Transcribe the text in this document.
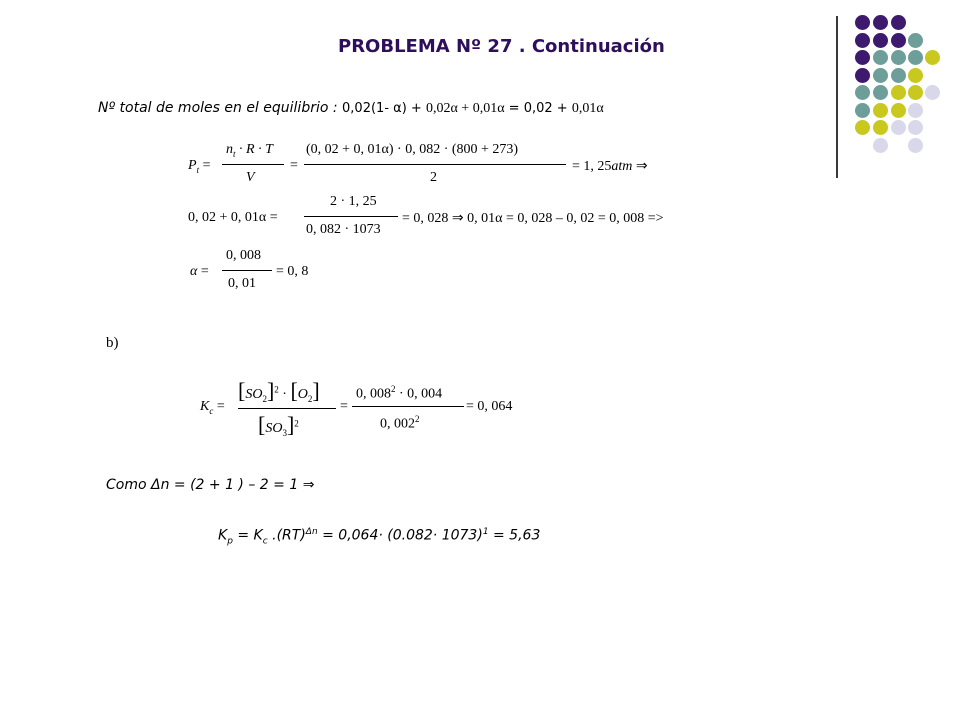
PROBLEMA Nº 27 . Continuación
Nº total de moles en el equilibrio : 0,02(1- α) + 0,02α + 0,01α = 0,02 + 0,01α
$P_t$ =
$n_t \cdot R \cdot T$
V
=
(0, 02 + 0, 01α) · 0, 082 · (800 + 273)
2
= 1, 25atm ⇒
0, 02 + 0, 01α =
2 · 1, 25
0, 082 · 1073
= 0, 028 ⇒ 0, 01α = 0, 028 – 0, 02 = 0, 008 =>
α =
0, 008
0, 01
= 0, 8
b)
$K_c$ =
$[SO_2]^2 \cdot [O_2]$
$[SO_3]^2$
=
0, $008^2 \cdot 0$, 004
0, $002^2$
= 0, 064
Como Δn = (2 + 1 ) – 2 = 1 ⇒
$K_p = K_c$ $.(RT)^{\Delta n} = 0,064\cdot (0.082\cdot 1073)^1 = 5,63$
